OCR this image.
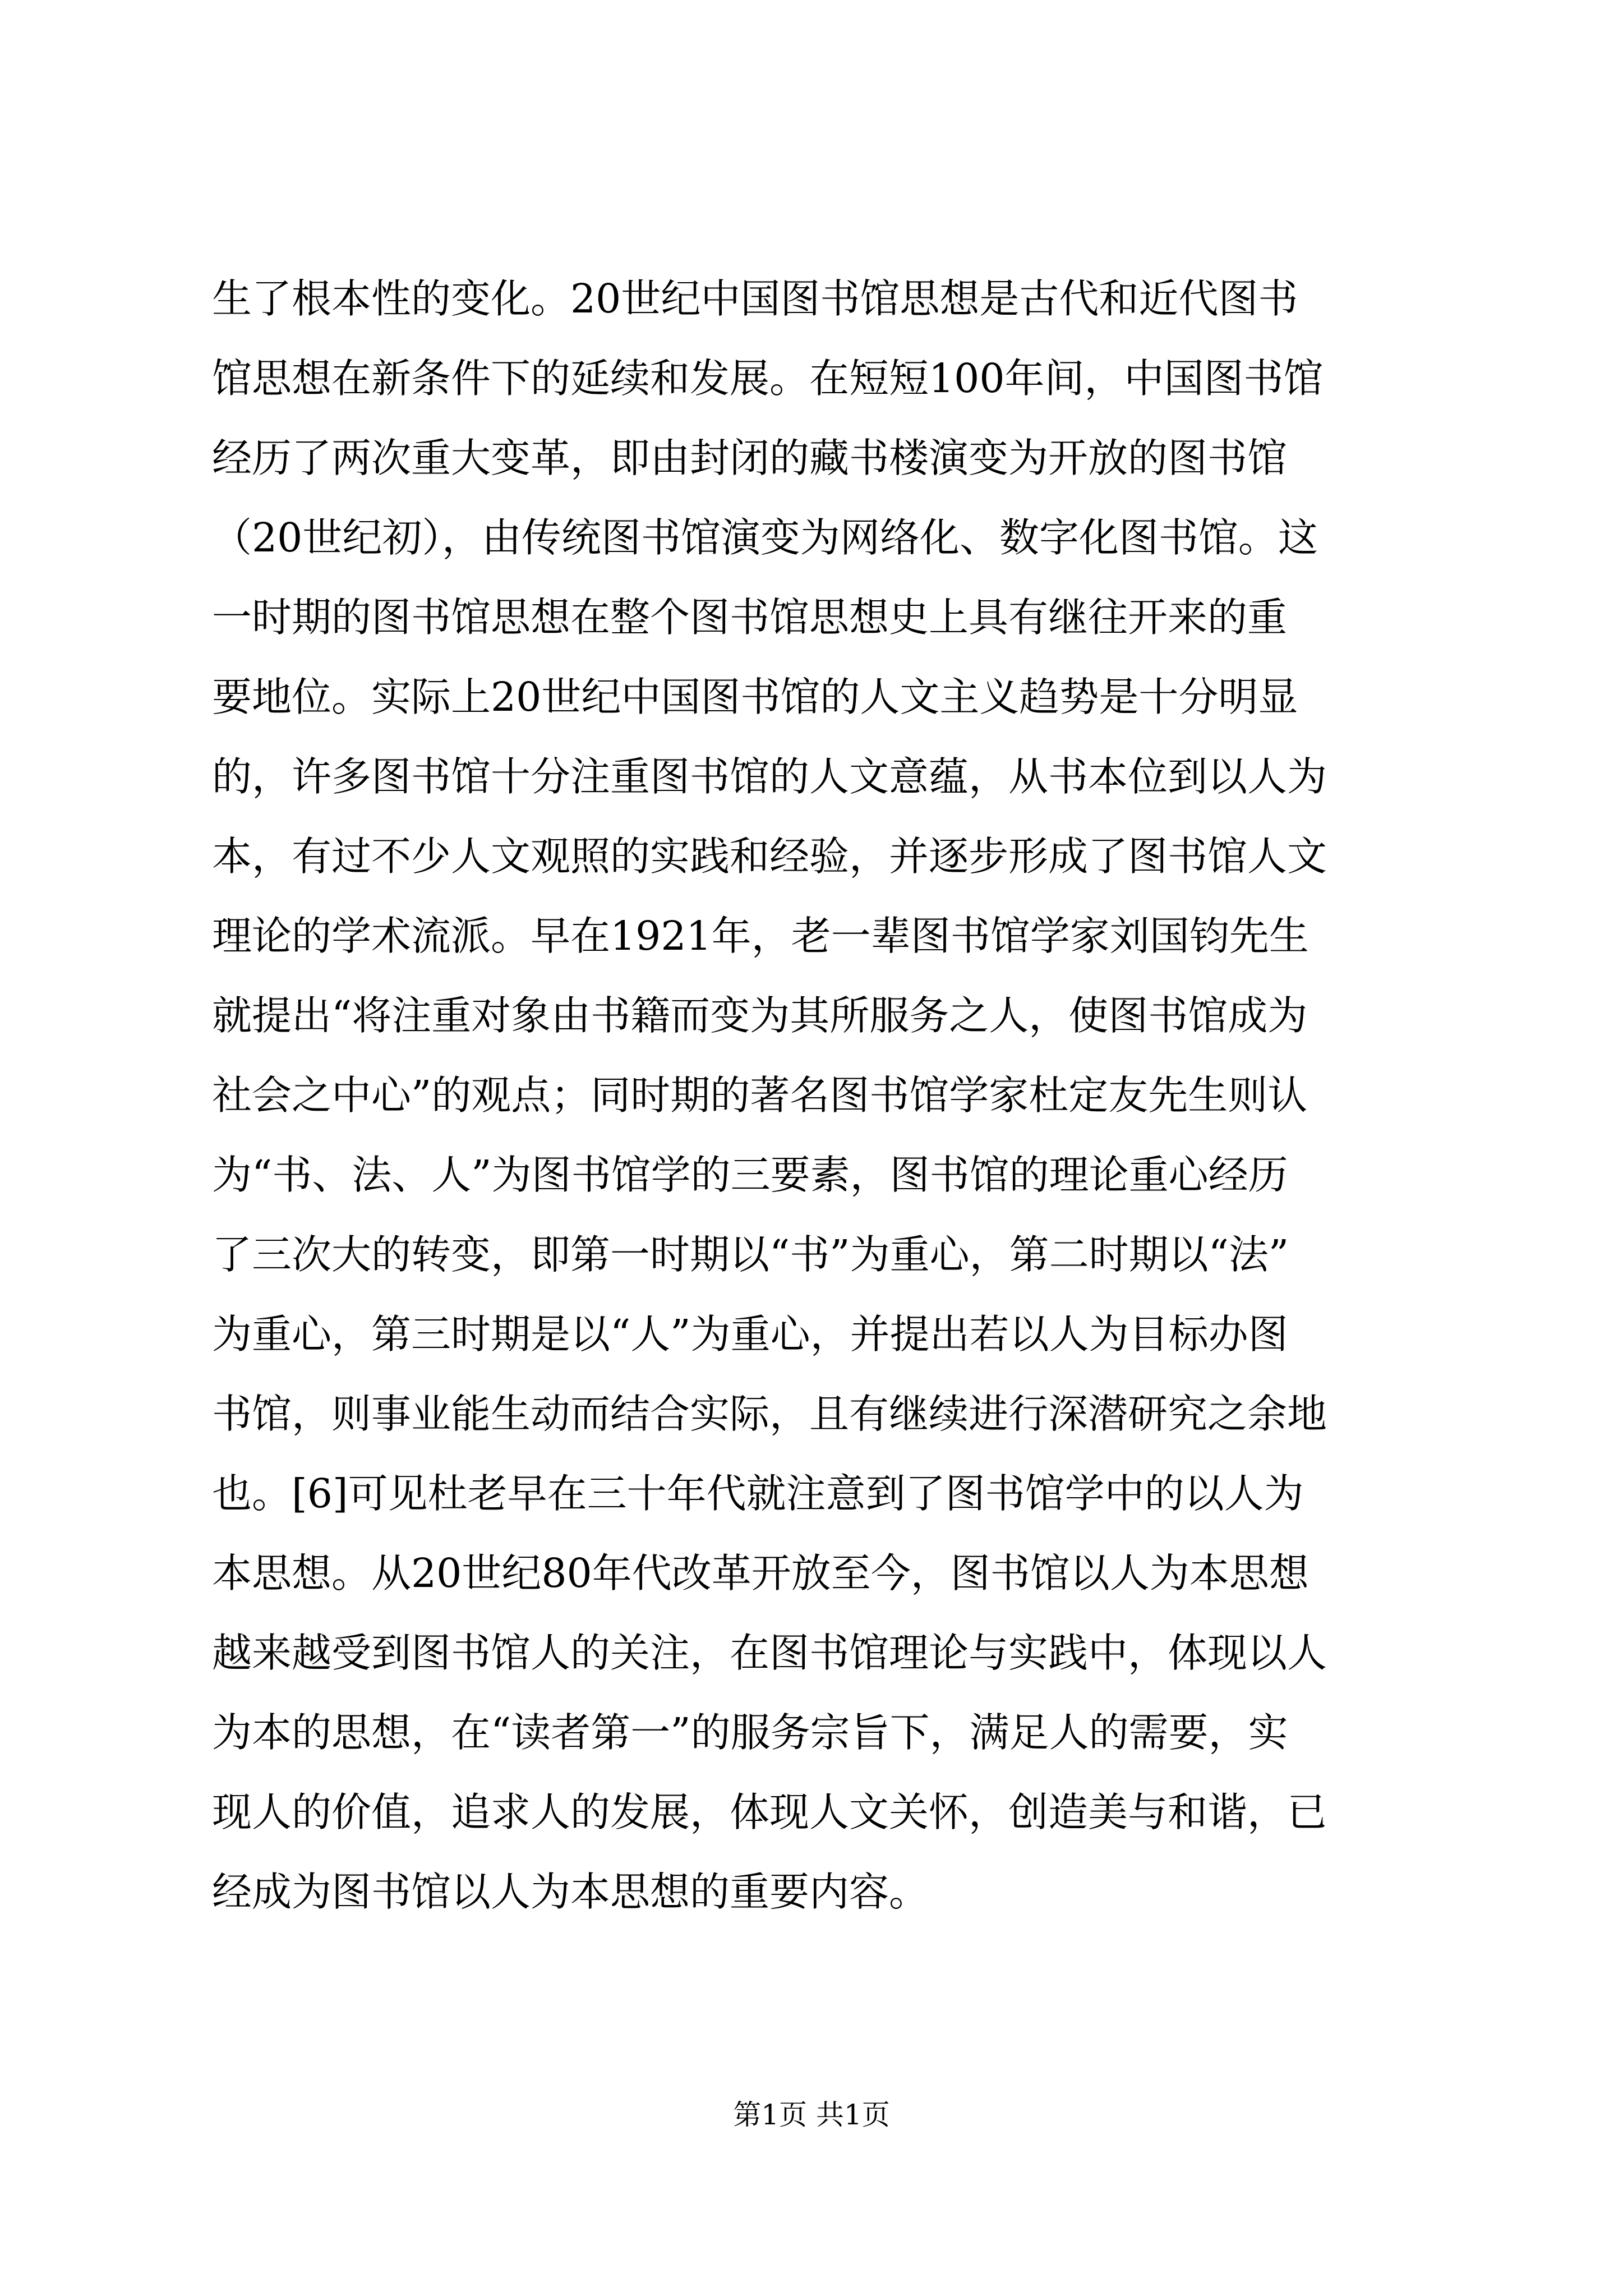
生了根本性的变化。20世纪中国图书馆思想是古代和近代图书
馆思想在新条件下的延续和发展。在短短100年间，中国图书馆
经历了两次重大变革，即由封闭的藏书楼演变为开放的图书馆
（20世纪初），由传统图书馆演变为网络化、数字化图书馆。这
一时期的图书馆思想在整个图书馆思想史上具有继往开来的重
要地位。实际上20世纪中国图书馆的人文主义趋势是十分明显
的，许多图书馆十分注重图书馆的人文意蕴，从书本位到以人为
本，有过不少人文观照的实践和经验，并逐步形成了图书馆人文
理论的学术流派。早在1921年，老一辈图书馆学家刘国钧先生
就提出“将注重对象由书籍而变为其所服务之人，使图书馆成为
社会之中心”的观点；同时期的著名图书馆学家杜定友先生则认
为“书、法、人”为图书馆学的三要素，图书馆的理论重心经历
了三次大的转变，即第一时期以“书”为重心，第二时期以“法”
为重心，第三时期是以“人”为重心，并提出若以人为目标办图
书馆，则事业能生动而结合实际，且有继续进行深潜研究之余地
也。[6]可见杜老早在三十年代就注意到了图书馆学中的以人为
本思想。从20世纪80年代改革开放至今，图书馆以人为本思想
越来越受到图书馆人的关注，在图书馆理论与实践中，体现以人
为本的思想，在“读者第一”的服务宗旨下，满足人的需要，实
现人的价值，追求人的发展，体现人文关怀，创造美与和谐，已
经成为图书馆以人为本思想的重要内容。
第1页 共1页
